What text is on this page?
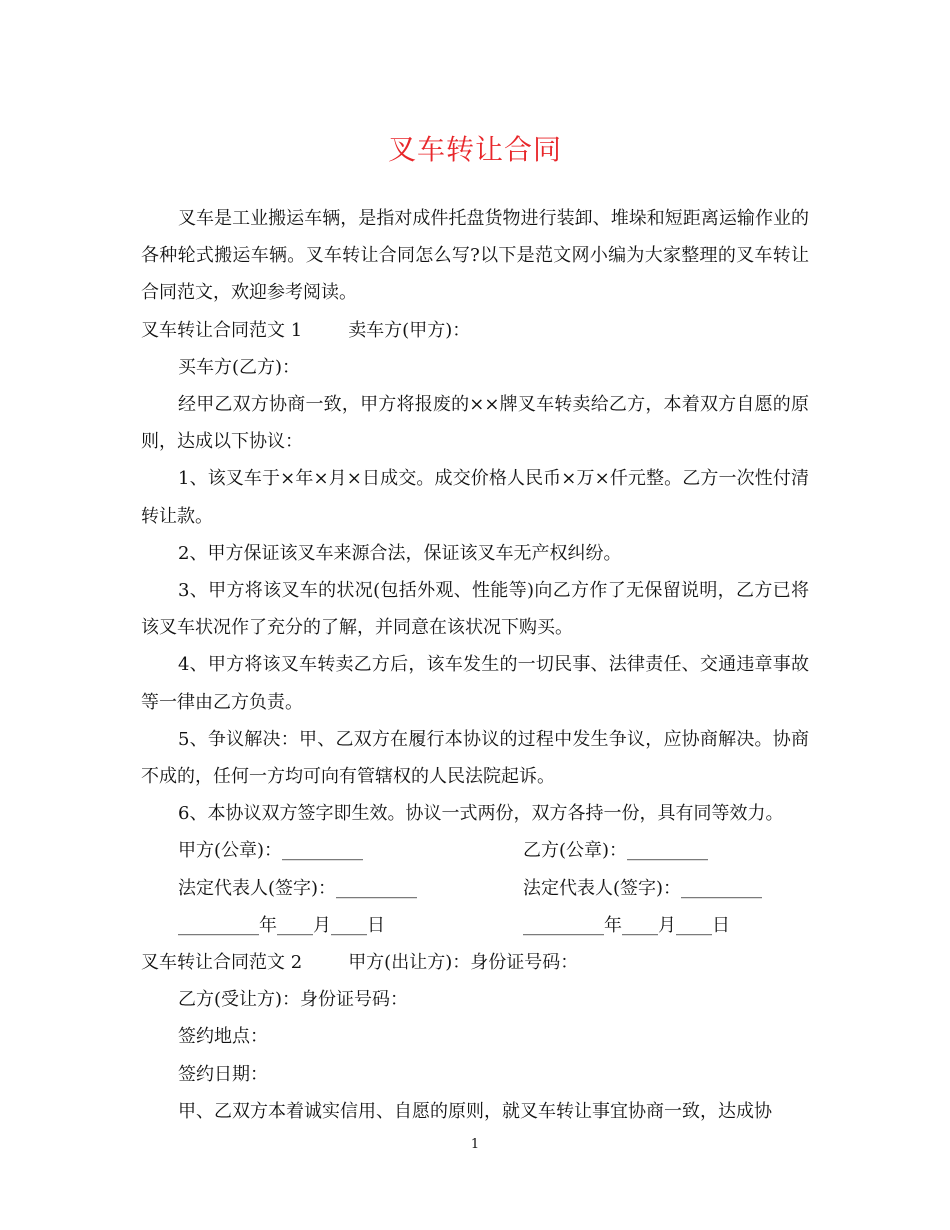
叉车转让合同

叉车是工业搬运车辆，是指对成件托盘货物进行装卸、堆垛和短距离运输作业的各种轮式搬运车辆。叉车转让合同怎么写?以下是范文网小编为大家整理的叉车转让合同范文，欢迎参考阅读。

叉车转让合同范文 1	卖车方(甲方)：

买车方(乙方)：

经甲乙双方协商一致，甲方将报废的××牌叉车转卖给乙方，本着双方自愿的原则，达成以下协议：

1、该叉车于×年×月×日成交。成交价格人民币×万×仟元整。乙方一次性付清转让款。

2、甲方保证该叉车来源合法，保证该叉车无产权纠纷。

3、甲方将该叉车的状况(包括外观、性能等)向乙方作了无保留说明，乙方已将该叉车状况作了充分的了解，并同意在该状况下购买。

4、甲方将该叉车转卖乙方后，该车发生的一切民事、法律责任、交通违章事故等一律由乙方负责。

5、争议解决：甲、乙双方在履行本协议的过程中发生争议，应协商解决。协商不成的，任何一方均可向有管辖权的人民法院起诉。

6、本协议双方签字即生效。协议一式两份，双方各持一份，具有同等效力。

甲方(公章)：_________	乙方(公章)：_________
法定代表人(签字)：_________	法定代表人(签字)：_________
_________年____月____日	_________年____月____日

叉车转让合同范文 2	甲方(出让方)：身份证号码：

乙方(受让方)：身份证号码：

签约地点：

签约日期：

甲、乙双方本着诚实信用、自愿的原则，就叉车转让事宜协商一致，达成协

1
